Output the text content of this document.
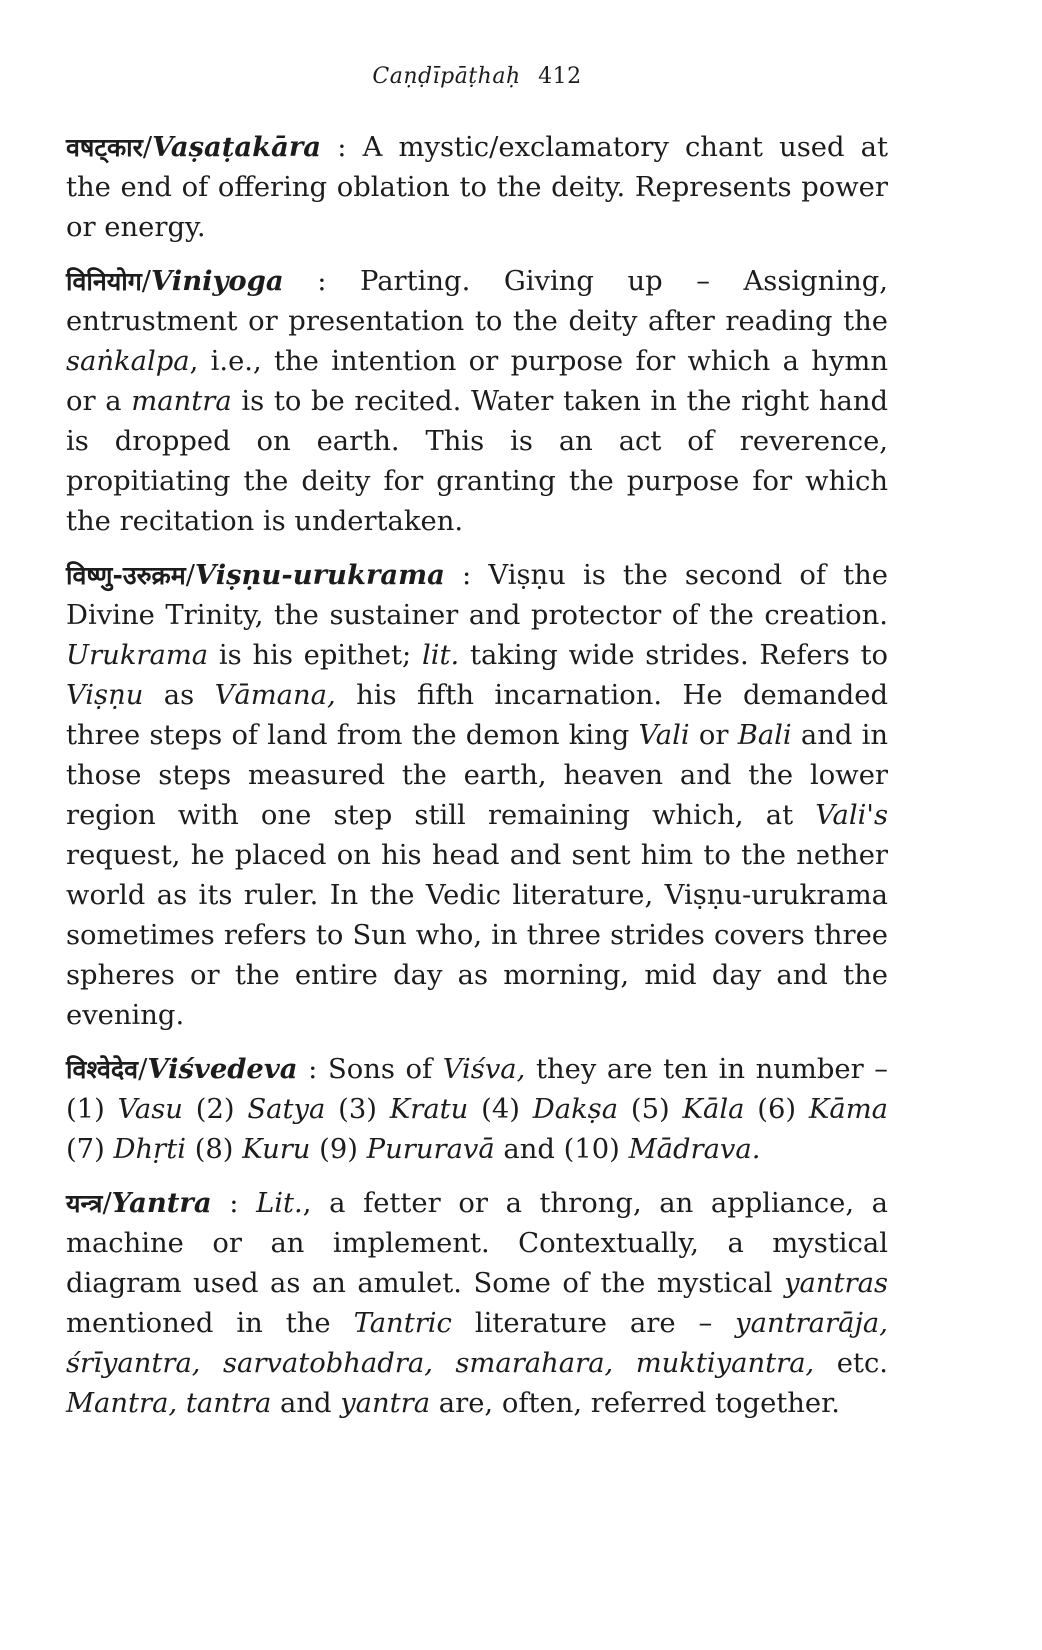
Caṇḍīpāṭhaḥ 412

वषट्कार/Vaṣaṭakāra : A mystic/exclamatory chant used at the end of offering oblation to the deity. Represents power or energy.

विनियोग/Viniyoga : Parting. Giving up – Assigning, entrustment or presentation to the deity after reading the saṅkalpa, i.e., the intention or purpose for which a hymn or a mantra is to be recited. Water taken in the right hand is dropped on earth. This is an act of reverence, propitiating the deity for granting the purpose for which the recitation is undertaken.

विष्णु-उरुक्रम/Viṣṇu-urukrama : Viṣṇu is the second of the Divine Trinity, the sustainer and protector of the creation. Urukrama is his epithet; lit. taking wide strides. Refers to Viṣṇu as Vāmana, his fifth incarnation. He demanded three steps of land from the demon king Vali or Bali and in those steps measured the earth, heaven and the lower region with one step still remaining which, at Vali's request, he placed on his head and sent him to the nether world as its ruler. In the Vedic literature, Viṣṇu-urukrama sometimes refers to Sun who, in three strides covers three spheres or the entire day as morning, mid day and the evening.

विश्वेदेव/Viśvedeva : Sons of Viśva, they are ten in number – (1) Vasu (2) Satya (3) Kratu (4) Dakṣa (5) Kāla (6) Kāma (7) Dhṛti (8) Kuru (9) Pururavā and (10) Mādrava.

यन्त्र/Yantra : Lit., a fetter or a throng, an appliance, a machine or an implement. Contextually, a mystical diagram used as an amulet. Some of the mystical yantras mentioned in the Tantric literature are – yantrarāja, śrīyantra, sarvatobhadra, smarahara, muktiyantra, etc. Mantra, tantra and yantra are, often, referred together.
